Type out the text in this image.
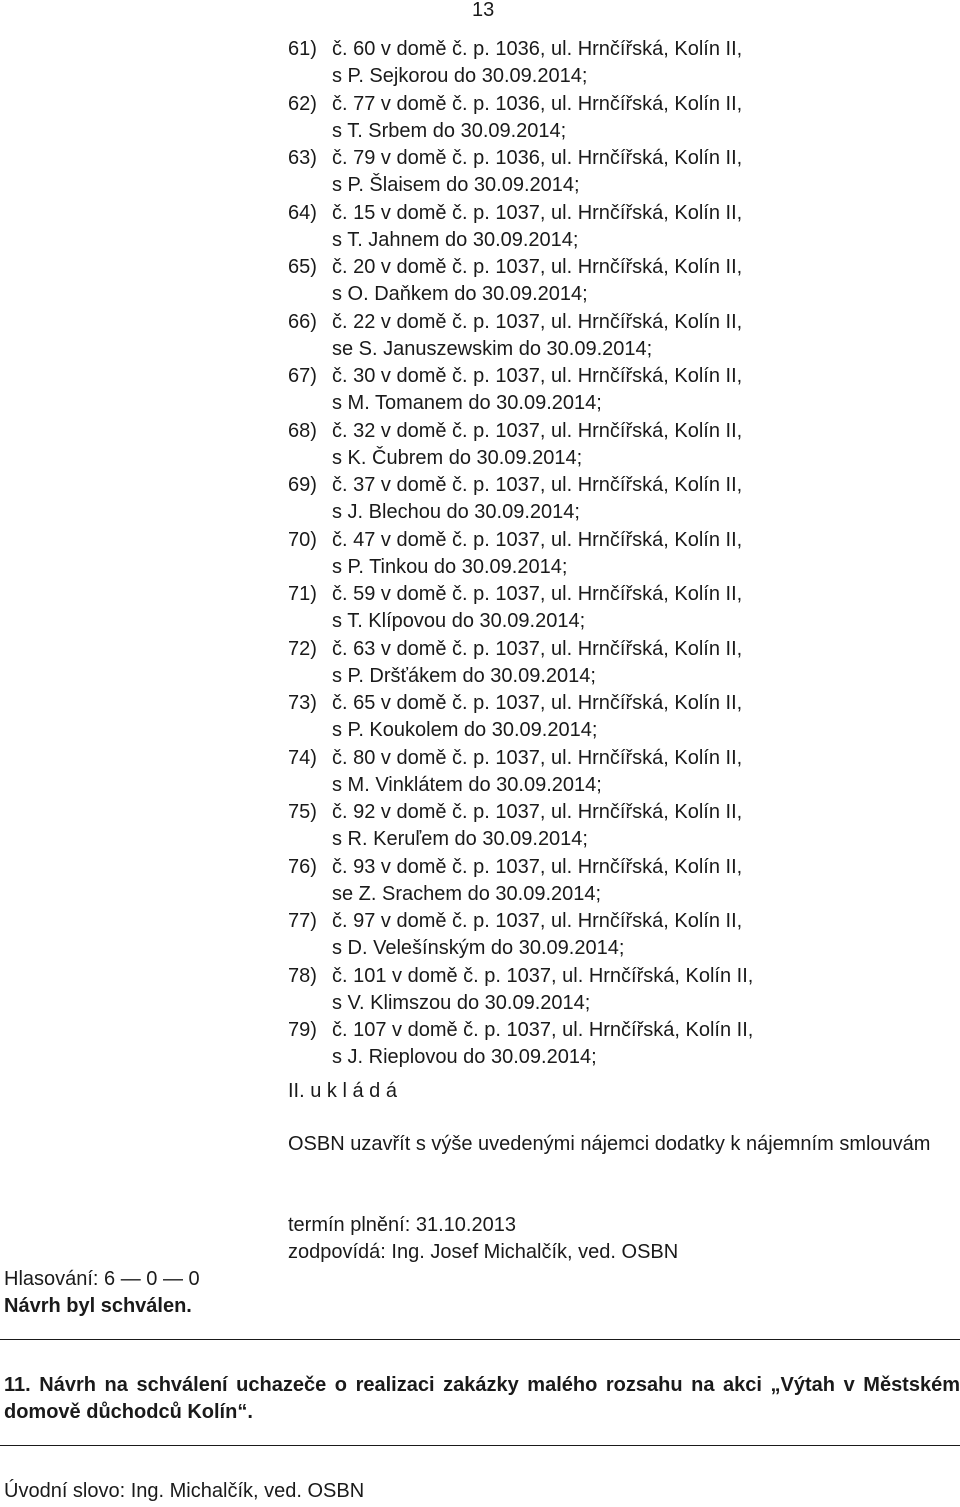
13
61) č. 60 v domě č. p. 1036, ul. Hrnčířská, Kolín II,
s P. Sejkorou do 30.09.2014;
62) č. 77 v domě č. p. 1036, ul. Hrnčířská, Kolín II,
s T. Srbem do 30.09.2014;
63) č. 79 v domě č. p. 1036, ul. Hrnčířská, Kolín II,
s P. Šlaisem do 30.09.2014;
64) č. 15 v domě č. p. 1037, ul. Hrnčířská, Kolín II,
s T. Jahnem do 30.09.2014;
65) č. 20 v domě č. p. 1037, ul. Hrnčířská, Kolín II,
s O. Daňkem do 30.09.2014;
66) č. 22 v domě č. p. 1037, ul. Hrnčířská, Kolín II,
se S. Januszewskim do 30.09.2014;
67) č. 30 v domě č. p. 1037, ul. Hrnčířská, Kolín II,
s M. Tomanem do 30.09.2014;
68) č. 32 v domě č. p. 1037, ul. Hrnčířská, Kolín II,
s K. Čubrem do 30.09.2014;
69) č. 37 v domě č. p. 1037, ul. Hrnčířská, Kolín II,
s J. Blechou do 30.09.2014;
70) č. 47 v domě č. p. 1037, ul. Hrnčířská, Kolín II,
s P. Tinkou do 30.09.2014;
71) č. 59 v domě č. p. 1037, ul. Hrnčířská, Kolín II,
s T. Klípovou do 30.09.2014;
72) č. 63 v domě č. p. 1037, ul. Hrnčířská, Kolín II,
s P. Dršťákem do 30.09.2014;
73) č. 65 v domě č. p. 1037, ul. Hrnčířská, Kolín II,
s P. Koukolem do 30.09.2014;
74) č. 80 v domě č. p. 1037, ul. Hrnčířská, Kolín II,
s M. Vinklátem do 30.09.2014;
75) č. 92 v domě č. p. 1037, ul. Hrnčířská, Kolín II,
s R. Keruľem do 30.09.2014;
76) č. 93 v domě č. p. 1037, ul. Hrnčířská, Kolín II,
se Z. Srachem do 30.09.2014;
77) č. 97 v domě č. p. 1037, ul. Hrnčířská, Kolín II,
s D. Velešínským do 30.09.2014;
78) č. 101 v domě č. p. 1037, ul. Hrnčířská, Kolín II,
s V. Klimszou do 30.09.2014;
79) č. 107 v domě č. p. 1037, ul. Hrnčířská, Kolín II,
s J. Rieplovou do 30.09.2014;
II. u k l á d á
OSBN uzavřít s výše uvedenými nájemci dodatky k nájemním smlouvám
termín plnění: 31.10.2013
zodpovídá: Ing. Josef Michalčík, ved. OSBN
Hlasování: 6 — 0 — 0
Návrh byl schválen.
11. Návrh na schválení uchazeče o realizaci zakázky malého rozsahu na akci „Výtah v Městském domově důchodců Kolín“.
Úvodní slovo: Ing. Michalčík, ved. OSBN
